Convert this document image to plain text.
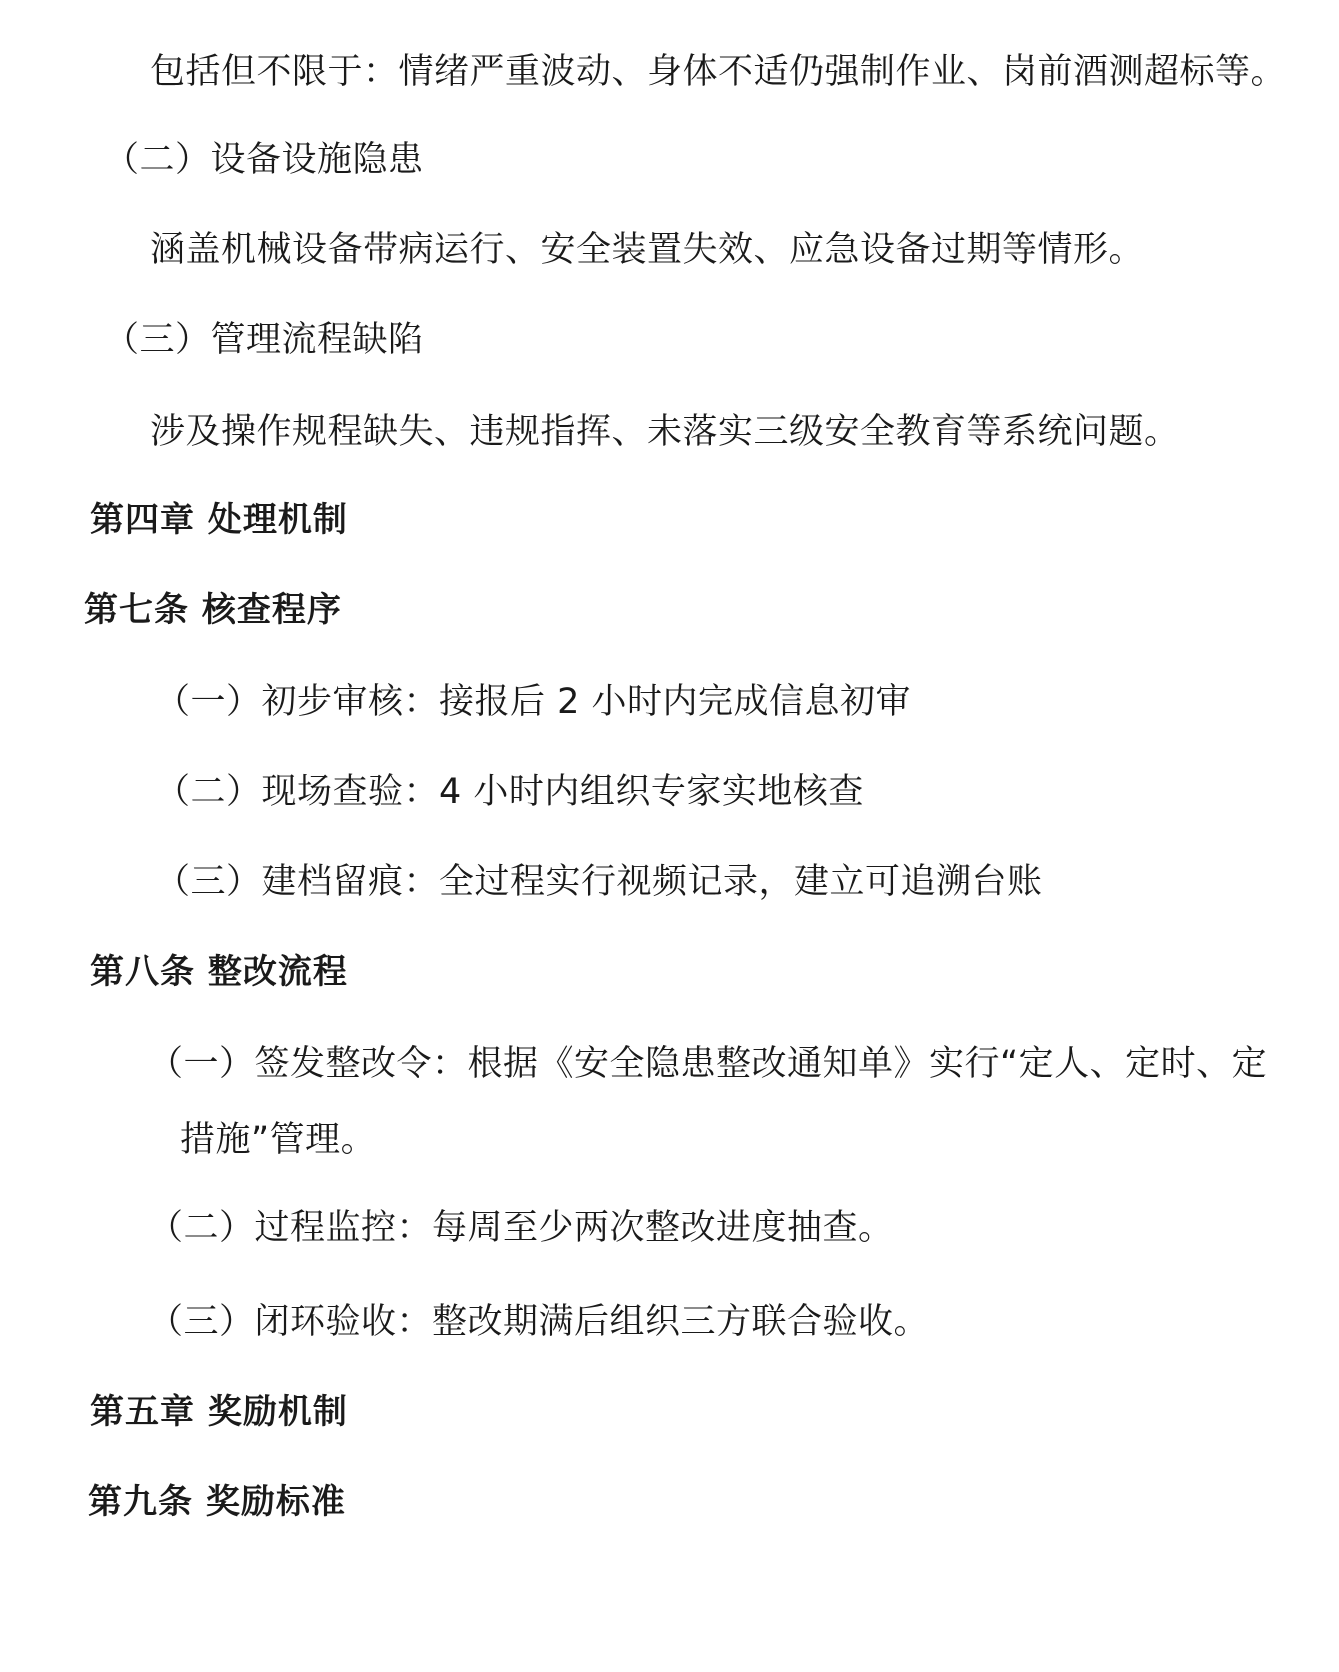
包括但不限于：情绪严重波动、身体不适仍强制作业、岗前酒测超标等。
（二）设备设施隐患
涵盖机械设备带病运行、安全装置失效、应急设备过期等情形。
（三）管理流程缺陷
涉及操作规程缺失、违规指挥、未落实三级安全教育等系统问题。
第四章 处理机制
第七条 核查程序
（一）初步审核：接报后 2 小时内完成信息初审
（二）现场查验：4 小时内组织专家实地核查
（三）建档留痕：全过程实行视频记录，建立可追溯台账
第八条 整改流程
（一）签发整改令：根据《安全隐患整改通知单》实行“定人、定时、定
措施”管理。
（二）过程监控：每周至少两次整改进度抽查。
（三）闭环验收：整改期满后组织三方联合验收。
第五章 奖励机制
第九条 奖励标准
